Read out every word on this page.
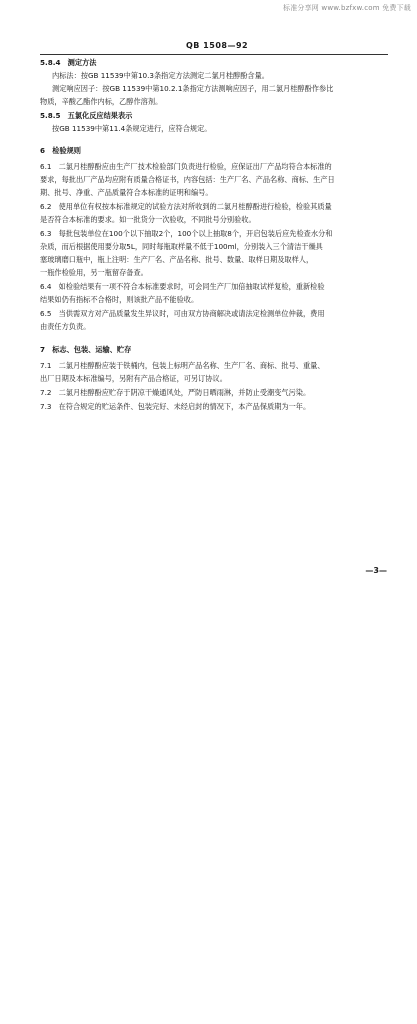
标准分享网 www.bzfxw.com 免费下载
QB 1508—92
5.8.4　测定方法
内标法：按GB 11539中第10.3条指定方法测定二氯月桂醇酚含量。
测定响应因子：按GB 11539中第10.2.1条指定方法测响应因子，用二氯月桂醇酚作参比
物质，辛酸乙酯作内标，乙醇作溶剂。
5.8.5　五氯化反应结果表示
按GB 11539中第11.4条规定进行，应符合规定。
6　检验规则
6.1　二氯月桂醇酚应由生产厂技术检验部门负责进行检验，应保证出厂产品均符合本标准的
要求，每批出厂产品均应附有质量合格证书，内容包括：生产厂名、产品名称、商标、生产日
期、批号、净重、产品质量符合本标准的证明和编号。
6.2　使用单位有权按本标准规定的试验方法对所收到的二氯月桂醇酚进行检验，检验其质量
是否符合本标准的要求。如一批货分一次验收，不同批号分别验收。
6.3　每批包装单位在100个以下抽取2个，100个以上抽取8个，开启包装后应先检查水分和
杂质，而后根据使用要分取5L，同时每瓶取样量不低于100ml，分别装入三个清洁干燥具
塞玻璃磨口瓶中，瓶上注明：生产厂名、产品名称、批号、数量、取样日期及取样人，
一瓶作检验用，另一瓶留存备查。
6.4　如检验结果有一项不符合本标准要求时，可会同生产厂加倍抽取试样复检，重新检验
结果如仍有指标不合格时，则该批产品不能验收。
6.5　当供需双方对产品质量发生异议时，可由双方协商解决或请法定检测单位仲裁，费用
由责任方负责。
7　标志、包装、运输、贮存
7.1　二氯月桂醇酚应装于铁桶内，包装上标明产品名称、生产厂名、商标、批号、重量、
出厂日期及本标准编号，另附有产品合格证，可另订协议。
7.2　二氯月桂醇酚应贮存于阴凉干燥通风处，严防日晒雨淋，并防止受潮变气污染。
7.3　在符合规定的贮运条件、包装完好、未经启封的情况下，本产品保质期为一年。
—3—
